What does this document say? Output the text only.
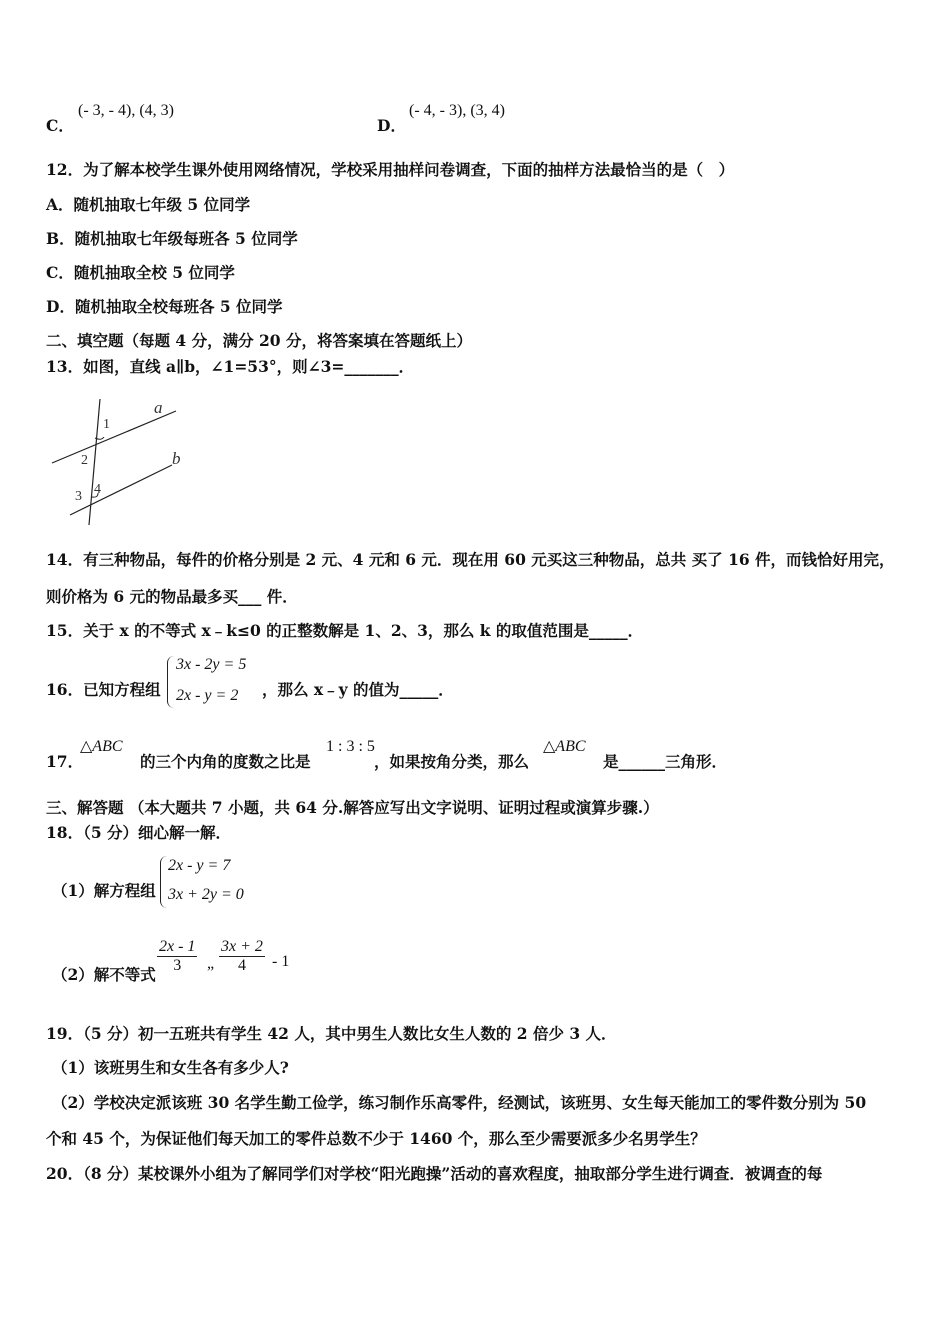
C．
(- 3, - 4), (4, 3)
D．
(- 4, - 3), (3, 4)
12．为了解本校学生课外使用网络情况，学校采用抽样问卷调查，下面的抽样方法最恰当的是（　）
A．随机抽取七年级 5 位同学
B．随机抽取七年级每班各 5 位同学
C．随机抽取全校 5 位同学
D．随机抽取全校每班各 5 位同学
二、填空题（每题 4 分，满分 20 分，将答案填在答题纸上）
13．如图，直线 a∥b，∠1=53°，则∠3=_______．
a
b
1
2
3 4
14．有三种物品，每件的价格分别是 2 元、4 元和 6 元．现在用 60 元买这三种物品，总共 买了 16 件，而钱恰好用完，
则价格为 6 元的物品最多买___ 件．
15．关于 x 的不等式 x﹣k≤0 的正整数解是 1、2、3，那么 k 的取值范围是_____．
16．已知方程组
3x - 2y = 5
2x - y = 2 ，那么 x﹣y 的值为_____．
17．
△ABC
的三个内角的度数之比是
1 : 3 : 5
，如果按角分类，那么
△ABC
是______三角形．
三、解答题 （本大题共 7 小题，共 64 分.解答应写出文字说明、证明过程或演算步骤.）
18．（5 分）细心解一解．
（1）解方程组
2x - y = 7
3x + 2y = 0
（2）解不等式 $\frac{2x - 1}{3}$ „ $\frac{3x + 2}{4} - 1$
19．（5 分）初一五班共有学生 42 人，其中男生人数比女生人数的 2 倍少 3 人．
（1）该班男生和女生各有多少人?
（2）学校决定派该班 30 名学生勤工俭学，练习制作乐高零件，经测试，该班男、女生每天能加工的零件数分别为 50
个和 45 个，为保证他们每天加工的零件总数不少于 1460 个，那么至少需要派多少名男学生？
20．（8 分）某校课外小组为了解同学们对学校“阳光跑操”活动的喜欢程度，抽取部分学生进行调查．被调查的每
